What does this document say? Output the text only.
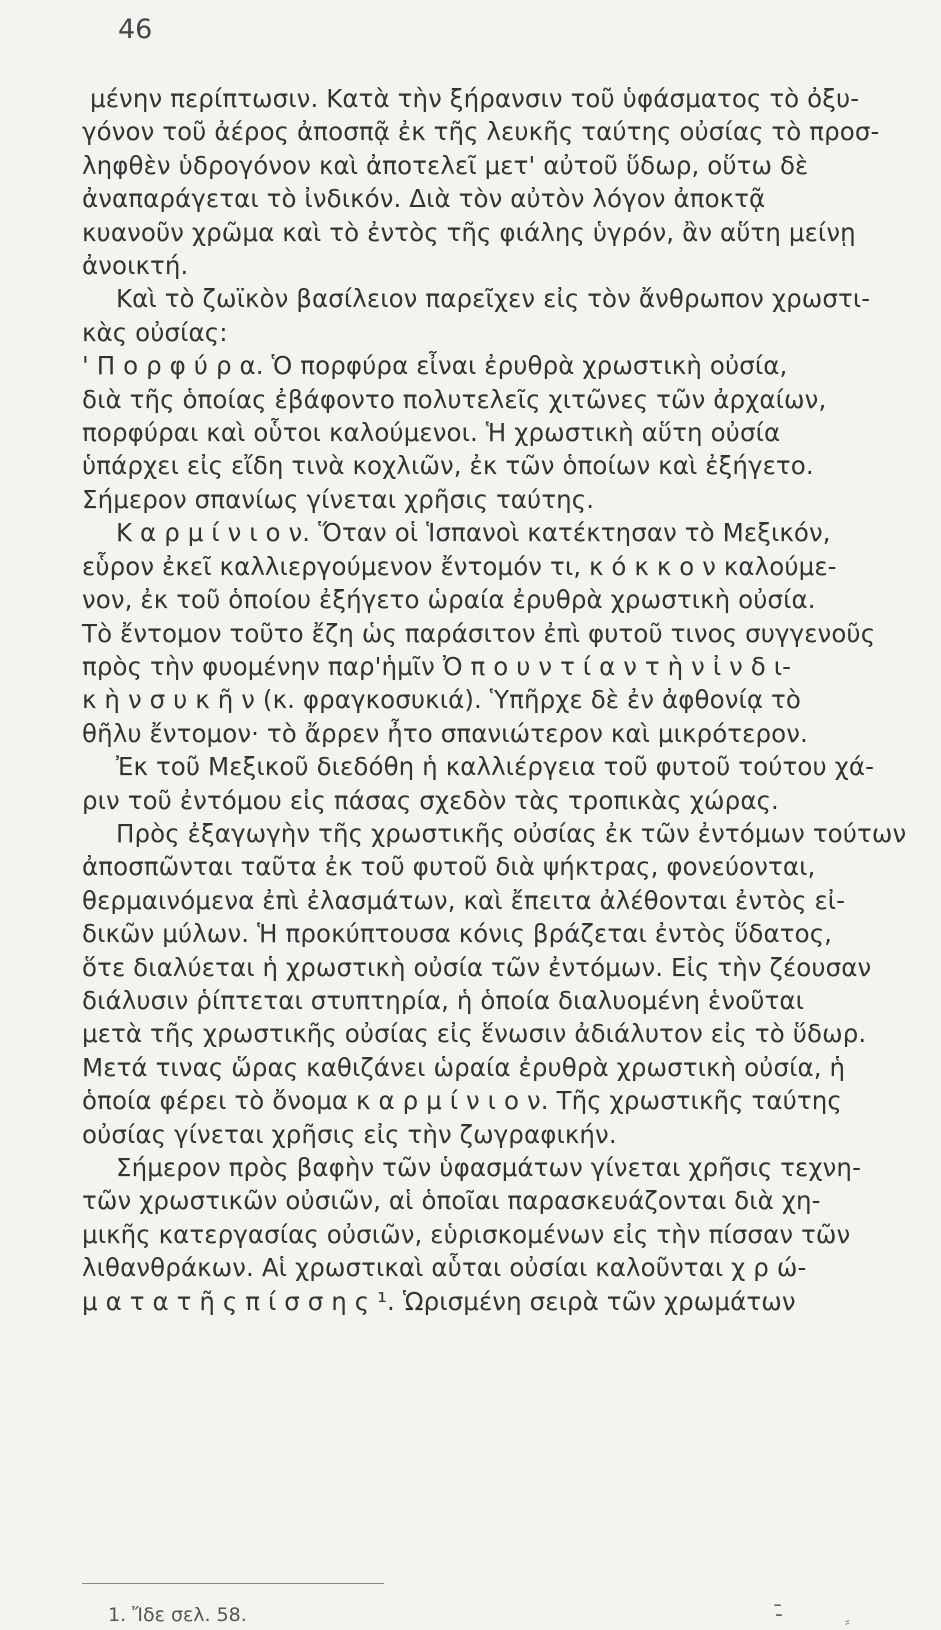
46
μένην περίπτωσιν. Κατὰ τὴν ξήρανσιν τοῦ ὑφάσματος τὸ ὀξυ-
γόνον τοῦ ἀέρος ἀποσπᾷ ἐκ τῆς λευκῆς ταύτης οὐσίας τὸ προσ-
ληφθὲν ὑδρογόνον καὶ ἀποτελεῖ μετ' αὐτοῦ ὕδωρ, οὕτω δὲ
ἀναπαράγεται τὸ ἰνδικόν. Διὰ τὸν αὐτὸν λόγον ἀποκτᾷ
κυανοῦν χρῶμα καὶ τὸ ἐντὸς τῆς φιάλης ὑγρόν, ἂν αὕτη μείνῃ
ἀνοικτή.
Καὶ τὸ ζωϊκὸν βασίλειον παρεῖχεν εἰς τὸν ἄνθρωπον χρωστι-
κὰς οὐσίας:
' Π ο ρ φ ύ ρ α. Ὁ πορφύρα εἶναι ἐρυθρὰ χρωστικὴ οὐσία,
διὰ τῆς ὁποίας ἐβάφοντο πολυτελεῖς χιτῶνες τῶν ἀρχαίων,
πορφύραι καὶ οὗτοι καλούμενοι. Ἡ χρωστικὴ αὕτη οὐσία
ὑπάρχει εἰς εἴδη τινὰ κοχλιῶν, ἐκ τῶν ὁποίων καὶ ἐξήγετο.
Σήμερον σπανίως γίνεται χρῆσις ταύτης.
Κ α ρ μ ί ν ι ο ν. Ὅταν οἱ Ἱσπανοὶ κατέκτησαν τὸ Μεξικόν,
εὗρον ἐκεῖ καλλιεργούμενον ἔντομόν τι, κ ό κ κ ο ν καλούμε-
νον, ἐκ τοῦ ὁποίου ἐξήγετο ὡραία ἐρυθρὰ χρωστικὴ οὐσία.
Τὸ ἔντομον τοῦτο ἔζη ὡς παράσιτον ἐπὶ φυτοῦ τινος συγγενοῦς
πρὸς τὴν φυομένην παρ'ἡμῖν Ὀ π ο υ ν τ ί α ν τ ὴ ν ἰ ν δ ι-
κ ὴ ν σ υ κ ῆ ν (κ. φραγκοσυκιά). Ὑπῆρχε δὲ ἐν ἀφθονίᾳ τὸ
θῆλυ ἔντομον· τὸ ἄρρεν ἦτο σπανιώτερον καὶ μικρότερον.
Ἐκ τοῦ Μεξικοῦ διεδόθη ἡ καλλιέργεια τοῦ φυτοῦ τούτου χά-
ριν τοῦ ἐντόμου εἰς πάσας σχεδὸν τὰς τροπικὰς χώρας.
Πρὸς ἐξαγωγὴν τῆς χρωστικῆς οὐσίας ἐκ τῶν ἐντόμων τούτων
ἀποσπῶνται ταῦτα ἐκ τοῦ φυτοῦ διὰ ψήκτρας, φονεύονται,
θερμαινόμενα ἐπὶ ἐλασμάτων, καὶ ἔπειτα ἀλέθονται ἐντὸς εἰ-
δικῶν μύλων. Ἡ προκύπτουσα κόνις βράζεται ἐντὸς ὕδατος,
ὅτε διαλύεται ἡ χρωστικὴ οὐσία τῶν ἐντόμων. Εἰς τὴν ζέουσαν
διάλυσιν ῥίπτεται στυπτηρία, ἡ ὁποία διαλυομένη ἑνοῦται
μετὰ τῆς χρωστικῆς οὐσίας εἰς ἕνωσιν ἀδιάλυτον εἰς τὸ ὕδωρ.
Μετά τινας ὥρας καθιζάνει ὡραία ἐρυθρὰ χρωστικὴ οὐσία, ἡ
ὁποία φέρει τὸ ὄνομα κ α ρ μ ί ν ι ο ν. Τῆς χρωστικῆς ταύτης
οὐσίας γίνεται χρῆσις εἰς τὴν ζωγραφικήν.
Σήμερον πρὸς βαφὴν τῶν ὑφασμάτων γίνεται χρῆσις τεχνη-
τῶν χρωστικῶν οὐσιῶν, αἱ ὁποῖαι παρασκευάζονται διὰ χη-
μικῆς κατεργασίας οὐσιῶν, εὑρισκομένων εἰς τὴν πίσσαν τῶν
λιθανθράκων. Αἱ χρωστικαὶ αὗται οὐσίαι καλοῦνται χ ρ ώ-
μ α τ α τ ῆ ς π ί σ σ η ς ¹. Ὡρισμένη σειρὰ τῶν χρωμάτων
1. Ἴδε σελ. 58.	-̄	⸗
